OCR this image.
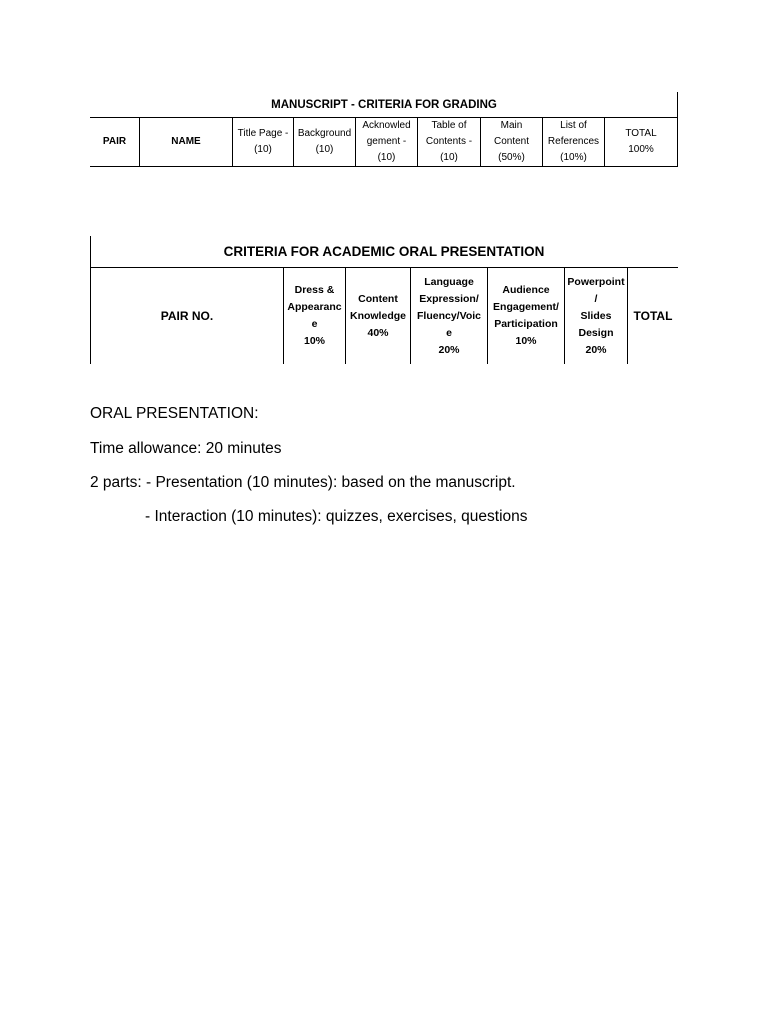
MANUSCRIPT - CRITERIA FOR GRADING
PAIR	NAME
Title Page -
(10)
Background
(10)
Acknowled
gement -
(10)
Table of
Contents -
(10)
Main
Content
(50%)
List of
References
(10%)
TOTAL
100%
CRITERIA FOR ACADEMIC ORAL PRESENTATION
PAIR NO.
Dress &
Appearanc
e
10%
Content
Knowledge
40%
Language
Expression/
Fluency/Voic
e
20%
Audience
Engagement/
Participation
10%
Powerpoint
/
Slides
Design
20%
TOTAL
ORAL PRESENTATION:
Time allowance: 20 minutes
2 parts: - Presentation (10 minutes): based on the manuscript.
- Interaction (10 minutes): quizzes, exercises, questions
